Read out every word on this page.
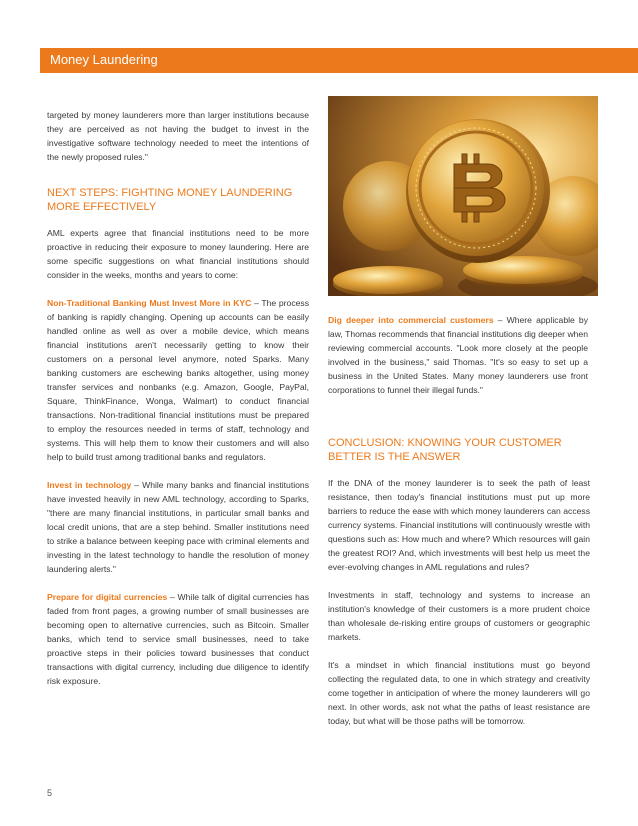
Money Laundering

targeted by money launderers more than larger institutions because they are perceived as not having the budget to invest in the investigative software technology needed to meet the intentions of the newly proposed rules."

NEXT STEPS: FIGHTING MONEY LAUNDERING MORE EFFECTIVELY

AML experts agree that financial institutions need to be more proactive in reducing their exposure to money laundering. Here are some specific suggestions on what financial institutions should consider in the weeks, months and years to come:

Non-Traditional Banking Must Invest More in KYC – The process of banking is rapidly changing. Opening up accounts can be easily handled online as well as over a mobile device, which means financial institutions aren't necessarily getting to know their customers on a personal level anymore, noted Sparks. Many banking customers are eschewing banks altogether, using money transfer services and nonbanks (e.g. Amazon, Google, PayPal, Square, ThinkFinance, Wonga, Walmart) to conduct financial transactions. Non-traditional financial institutions must be prepared to employ the resources needed in terms of staff, technology and systems. This will help them to know their customers and will also help to build trust among traditional banks and regulators.

Invest in technology – While many banks and financial institutions have invested heavily in new AML technology, according to Sparks, "there are many financial institutions, in particular small banks and local credit unions, that are a step behind. Smaller institutions need to strike a balance between keeping pace with criminal elements and investing in the latest technology to handle the resolution of money laundering alerts."

Prepare for digital currencies – While talk of digital currencies has faded from front pages, a growing number of small businesses are becoming open to alternative currencies, such as Bitcoin. Smaller banks, which tend to service small businesses, need to take proactive steps in their policies toward businesses that conduct transactions with digital currency, including due diligence to identify risk exposure.

Dig deeper into commercial customers – Where applicable by law, Thomas recommends that financial institutions dig deeper when reviewing commercial accounts. "Look more closely at the people involved in the business," said Thomas. "It's so easy to set up a business in the United States. Many money launderers use front corporations to funnel their illegal funds."

CONCLUSION: KNOWING YOUR CUSTOMER BETTER IS THE ANSWER

If the DNA of the money launderer is to seek the path of least resistance, then today's financial institutions must put up more barriers to reduce the ease with which money launderers can access currency systems. Financial institutions will continuously wrestle with questions such as: How much and where? Which resources will gain the greatest ROI? And, which investments will best help us meet the ever-evolving changes in AML regulations and rules?

Investments in staff, technology and systems to increase an institution's knowledge of their customers is a more prudent choice than wholesale de-risking entire groups of customers or geographic markets.

It's a mindset in which financial institutions must go beyond collecting the regulated data, to one in which strategy and creativity come together in anticipation of where the money launderers will go next. In other words, ask not what the paths of least resistance are today, but what will be those paths will be tomorrow.

5
